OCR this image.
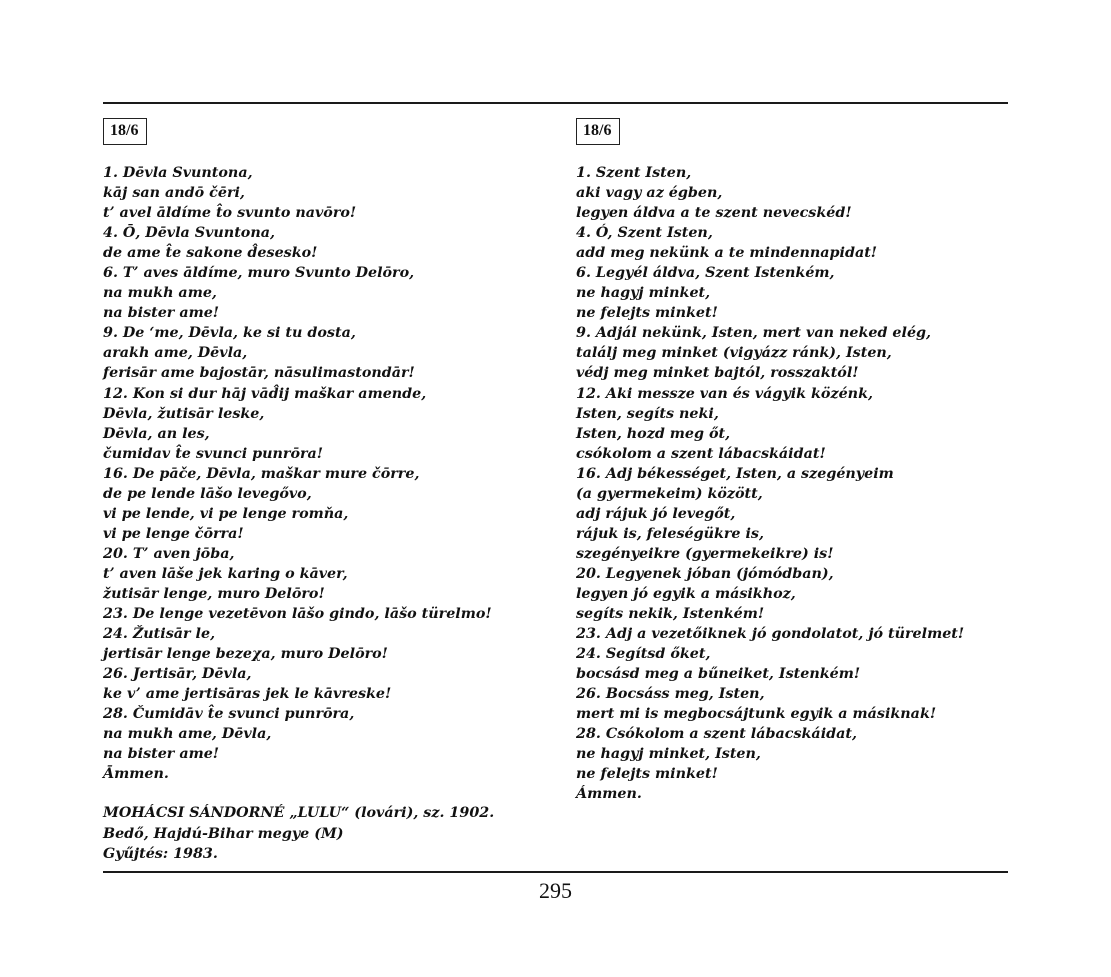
18/6
1. Dēvla Svuntona,
kāj san andō čēri,
t’ avel āldíme t̂o svunto navōro!
4. Ō, Dēvla Svuntona,
de ame t̂e sakone d̂esesko!
6. T’ aves āldíme, muro Svunto Delōro,
na mukh ame,
na bister ame!
9. De ‘me, Dēvla, ke si tu dosta,
arakh ame, Dēvla,
ferisār ame bajostār, nāsulimastondār!
12. Kon si dur hāj vād̂ij maškar amende,
Dēvla, žutisār leske,
Dēvla, an les,
čumidav t̂e svunci punrōra!
16. De pāče, Dēvla, maškar mure čōrre,
de pe lende lāšo levegővo,
vi pe lende, vi pe lenge romňa,
vi pe lenge čōrra!
20. T’ aven jōba,
t’ aven lāše jek karing o kāver,
žutisār lenge, muro Delōro!
23. De lenge vezetēvon lāšo gindo, lāšo türelmo!
24. Žutisār le,
jertisār lenge bezeχa, muro Delōro!
26. Jertisār, Dēvla,
ke v’ ame jertisāras jek le kāvreske!
28. Čumidāv t̂e svunci punrōra,
na mukh ame, Dēvla,
na bister ame!
Āmmen.
MOHÁCSI SÁNDORNÉ „LULU“ (lovári), sz. 1902.
Bedő, Hajdú-Bihar megye (M)
Gyűjtés: 1983.
18/6
1. Szent Isten,
aki vagy az égben,
legyen áldva a te szent nevecskéd!
4. Ó, Szent Isten,
add meg nekünk a te mindennapidat!
6. Legyél áldva, Szent Istenkém,
ne hagyj minket,
ne felejts minket!
9. Adjál nekünk, Isten, mert van neked elég,
találj meg minket (vigyázz ránk), Isten,
védj meg minket bajtól, rosszaktól!
12. Aki messze van és vágyik közénk,
Isten, segíts neki,
Isten, hozd meg őt,
csókolom a szent lábacskáidat!
16. Adj békességet, Isten, a szegényeim
(a gyermekeim) között,
adj rájuk jó levegőt,
rájuk is, feleségükre is,
szegényeikre (gyermekeikre) is!
20. Legyenek jóban (jómódban),
legyen jó egyik a másikhoz,
segíts nekik, Istenkém!
23. Adj a vezetőiknek jó gondolatot, jó türelmet!
24. Segítsd őket,
bocsásd meg a bűneiket, Istenkém!
26. Bocsáss meg, Isten,
mert mi is megbocsájtunk egyik a másiknak!
28. Csókolom a szent lábacskáidat,
ne hagyj minket, Isten,
ne felejts minket!
Ámmen.
295
